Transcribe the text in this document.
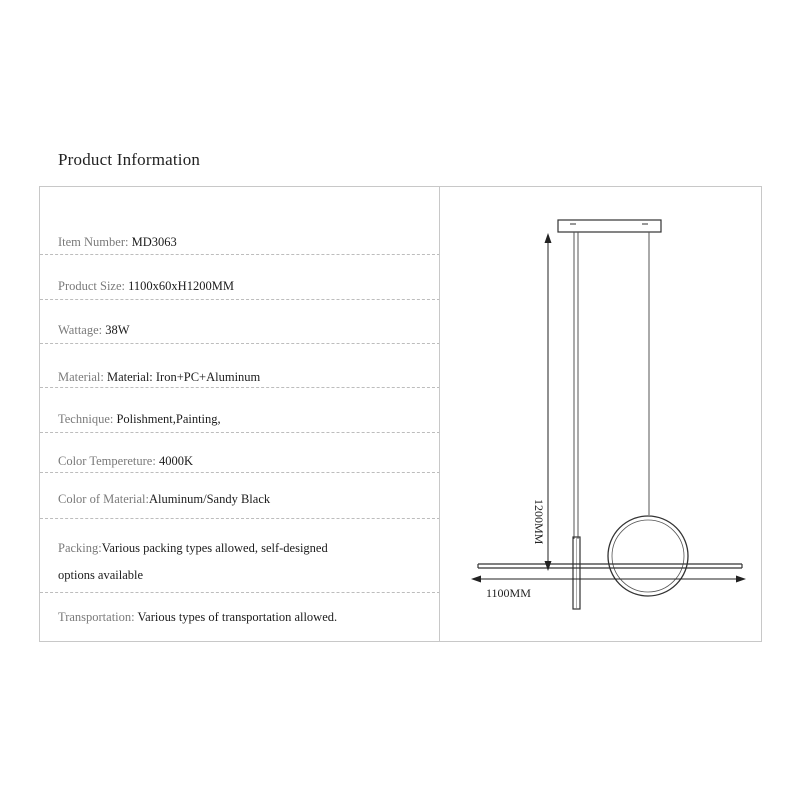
Product Information
Item Number: MD3063
Product Size: 1100x60xH1200MM
Wattage: 38W
Material: Material: Iron+PC+Aluminum
Technique: Polishment,Painting,
Color Tempereture: 4000K
Color of Material:Aluminum/Sandy Black
Packing:Various packing types allowed, self-designed
options available
Transportation: Various types of transportation allowed.
1200MM
1100MM
